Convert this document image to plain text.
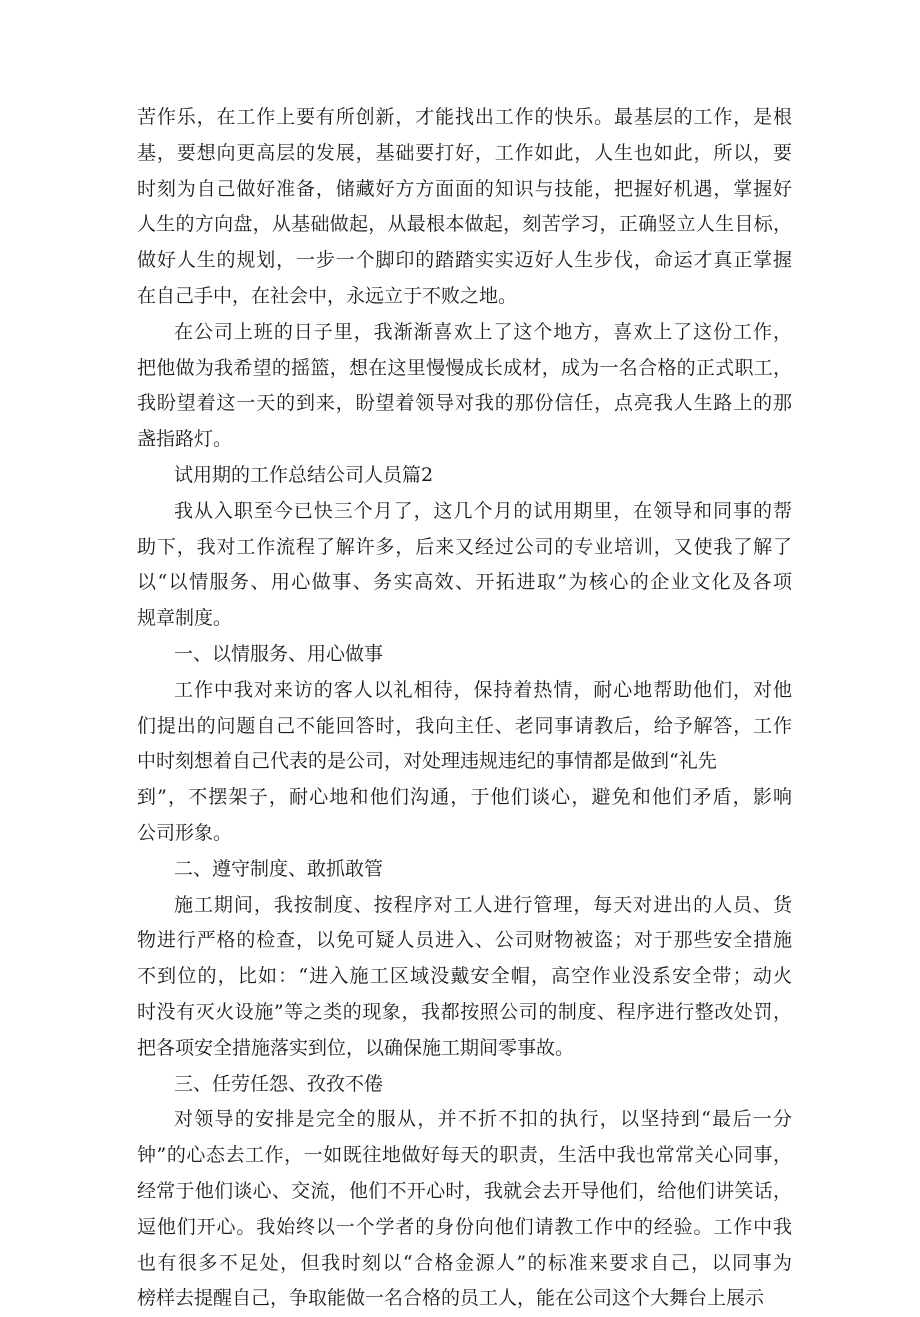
苦作乐，在工作上要有所创新，才能找出工作的快乐。最基层的工作，是根
基，要想向更高层的发展，基础要打好，工作如此，人生也如此，所以，要
时刻为自己做好准备，储藏好方方面面的知识与技能，把握好机遇，掌握好
人生的方向盘，从基础做起，从最根本做起，刻苦学习，正确竖立人生目标，
做好人生的规划，一步一个脚印的踏踏实实迈好人生步伐，命运才真正掌握
在自己手中，在社会中，永远立于不败之地。
在公司上班的日子里，我渐渐喜欢上了这个地方，喜欢上了这份工作，
把他做为我希望的摇篮，想在这里慢慢成长成材，成为一名合格的正式职工，
我盼望着这一天的到来，盼望着领导对我的那份信任，点亮我人生路上的那
盏指路灯。
试用期的工作总结公司人员篇2
我从入职至今已快三个月了，这几个月的试用期里，在领导和同事的帮
助下，我对工作流程了解许多，后来又经过公司的专业培训，又使我了解了
以“以情服务、用心做事、务实高效、开拓进取”为核心的企业文化及各项
规章制度。
一、以情服务、用心做事
工作中我对来访的客人以礼相待，保持着热情，耐心地帮助他们，对他
们提出的问题自己不能回答时，我向主任、老同事请教后，给予解答，工作
中时刻想着自己代表的是公司，对处理违规违纪的事情都是做到“礼先
到”，不摆架子，耐心地和他们沟通，于他们谈心，避免和他们矛盾，影响
公司形象。
二、遵守制度、敢抓敢管
施工期间，我按制度、按程序对工人进行管理，每天对进出的人员、货
物进行严格的检查，以免可疑人员进入、公司财物被盗；对于那些安全措施
不到位的，比如：“进入施工区域没戴安全帽，高空作业没系安全带；动火
时没有灭火设施”等之类的现象，我都按照公司的制度、程序进行整改处罚，
把各项安全措施落实到位，以确保施工期间零事故。
三、任劳任怨、孜孜不倦
对领导的安排是完全的服从，并不折不扣的执行，以坚持到“最后一分
钟”的心态去工作，一如既往地做好每天的职责，生活中我也常常关心同事，
经常于他们谈心、交流，他们不开心时，我就会去开导他们，给他们讲笑话，
逗他们开心。我始终以一个学者的身份向他们请教工作中的经验。工作中我
也有很多不足处，但我时刻以“合格金源人”的标准来要求自己，以同事为
榜样去提醒自己，争取能做一名合格的员工人，能在公司这个大舞台上展示
